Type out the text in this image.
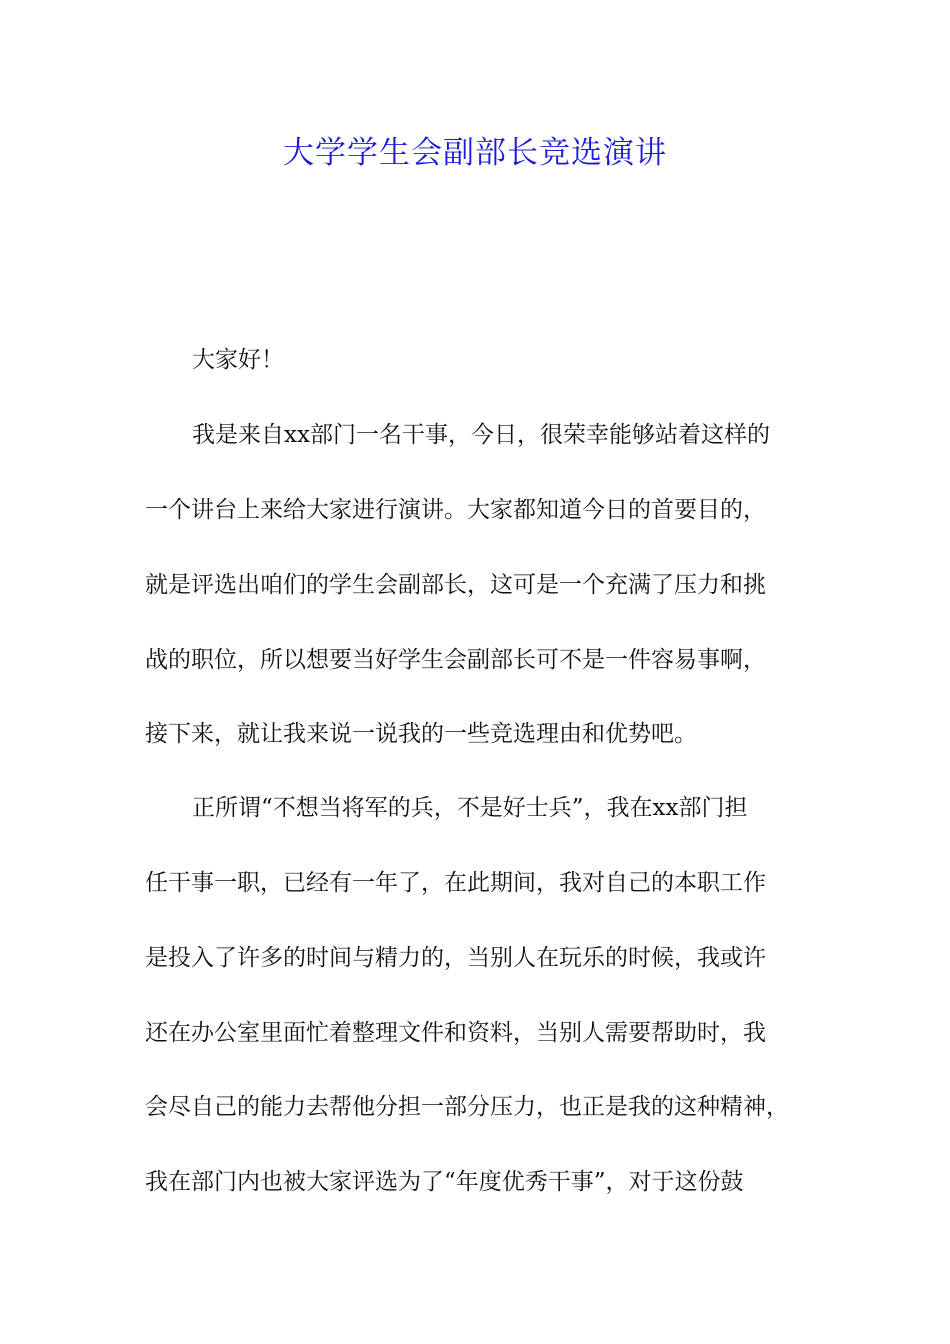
大学学生会副部长竞选演讲

大家好！

我是来自xx部门一名干事，今日，很荣幸能够站着这样的

一个讲台上来给大家进行演讲。大家都知道今日的首要目的，

就是评选出咱们的学生会副部长，这可是一个充满了压力和挑

战的职位，所以想要当好学生会副部长可不是一件容易事啊，

接下来，就让我来说一说我的一些竞选理由和优势吧。

正所谓“不想当将军的兵，不是好士兵”，我在xx部门担

任干事一职，已经有一年了，在此期间，我对自己的本职工作

是投入了许多的时间与精力的，当别人在玩乐的时候，我或许

还在办公室里面忙着整理文件和资料，当别人需要帮助时，我

会尽自己的能力去帮他分担一部分压力，也正是我的这种精神，

我在部门内也被大家评选为了“年度优秀干事”，对于这份鼓
